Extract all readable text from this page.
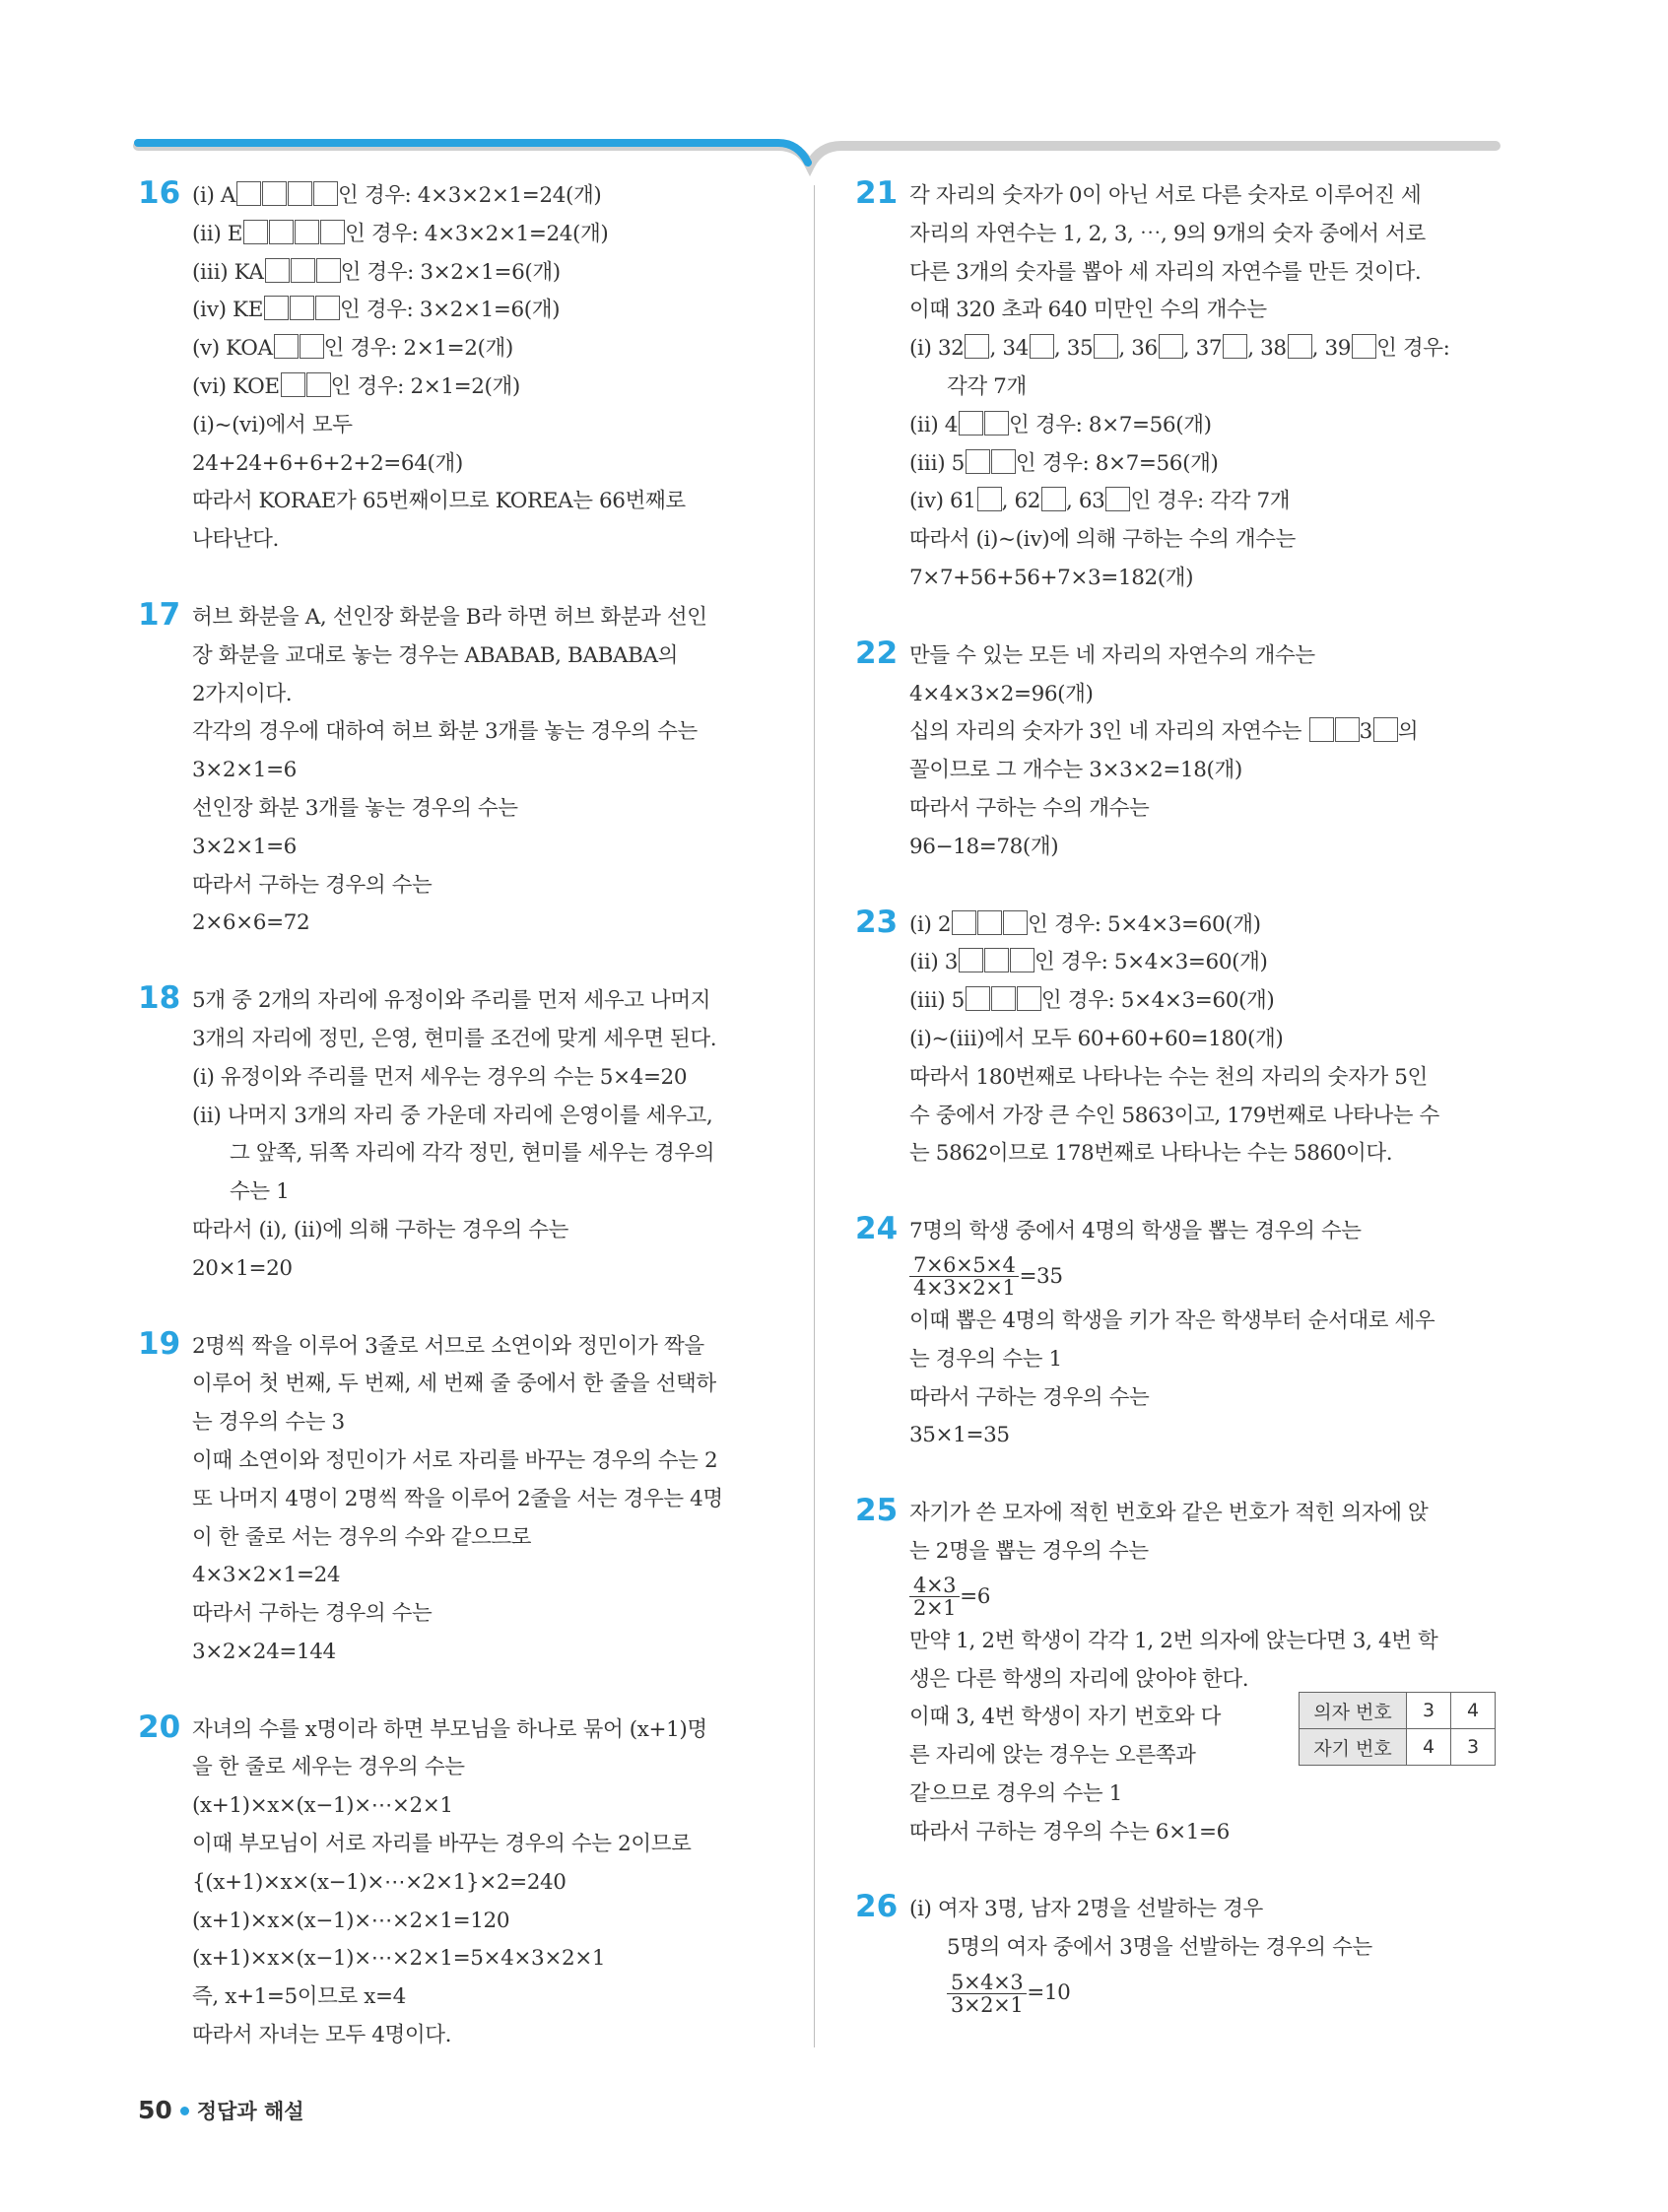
16 (ⅰ) A	인 경우: 4×3×2×1=24(개)
(ⅱ) E	인 경우: 4×3×2×1=24(개)
(ⅲ) KA	인 경우: 3×2×1=6(개)
(ⅳ) KE	인 경우: 3×2×1=6(개)
(ⅴ) KOA 인 경우: 2×1=2(개)
(ⅵ) KOE 인 경우: 2×1=2(개)
(ⅰ)~(ⅵ)에서 모두
24+24+6+6+2+2=64(개)
따라서 KORAE가 65번째이므로 KOREA는 66번째로
나타난다.
17 허브 화분을 A, 선인장 화분을 B라 하면 허브 화분과 선인
장 화분을 교대로 놓는 경우는 ABABAB, BABABA의
2가지이다.
각각의 경우에 대하여 허브 화분 3개를 놓는 경우의 수는
3×2×1=6
선인장 화분 3개를 놓는 경우의 수는
3×2×1=6
따라서 구하는 경우의 수는
2×6×6=72
18 5개 중 2개의 자리에 유정이와 주리를 먼저 세우고 나머지
3개의 자리에 정민, 은영, 현미를 조건에 맞게 세우면 된다.
(ⅰ) 유정이와 주리를 먼저 세우는 경우의 수는 5×4=20
(ⅱ) 나머지 3개의 자리 중 가운데 자리에 은영이를 세우고,
그 앞쪽, 뒤쪽 자리에 각각 정민, 현미를 세우는 경우의
수는 1
따라서 (ⅰ), (ⅱ)에 의해 구하는 경우의 수는
20×1=20
19 2명씩 짝을 이루어 3줄로 서므로 소연이와 정민이가 짝을
이루어 첫 번째, 두 번째, 세 번째 줄 중에서 한 줄을 선택하
는 경우의 수는 3
이때 소연이와 정민이가 서로 자리를 바꾸는 경우의 수는 2
또 나머지 4명이 2명씩 짝을 이루어 2줄을 서는 경우는 4명
이 한 줄로 서는 경우의 수와 같으므로
4×3×2×1=24
따라서 구하는 경우의 수는
3×2×24=144
20 자녀의 수를 x명이라 하면 부모님을 하나로 묶어 (x+1)명
을 한 줄로 세우는 경우의 수는
(x+1)×x×(x−1)×⋯×2×1
이때 부모님이 서로 자리를 바꾸는 경우의 수는 2이므로
{(x+1)×x×(x−1)×⋯×2×1}×2=240
(x+1)×x×(x−1)×⋯×2×1=120
(x+1)×x×(x−1)×⋯×2×1=5×4×3×2×1
즉, x+1=5이므로 x=4
따라서 자녀는 모두 4명이다.
21 각 자리의 숫자가 0이 아닌 서로 다른 숫자로 이루어진 세
자리의 자연수는 1, 2, 3, ⋯, 9의 9개의 숫자 중에서 서로
다른 3개의 숫자를 뽑아 세 자리의 자연수를 만든 것이다.
이때 320 초과 640 미만인 수의 개수는
(ⅰ) 32 , 34 , 35 , 36 , 37 , 38 , 39 인 경우:
각각 7개
(ⅱ) 4 인 경우: 8×7=56(개)
(ⅲ) 5 인 경우: 8×7=56(개)
(ⅳ) 61 , 62 , 63 인 경우: 각각 7개
따라서 (ⅰ)~(ⅳ)에 의해 구하는 수의 개수는
7×7+56+56+7×3=182(개)
22 만들 수 있는 모든 네 자리의 자연수의 개수는
4×4×3×2=96(개)
십의 자리의 숫자가 3인 네 자리의 자연수는 3 의
꼴이므로 그 개수는 3×3×2=18(개)
따라서 구하는 수의 개수는
96−18=78(개)
23 (ⅰ) 2	인 경우: 5×4×3=60(개)
(ⅱ) 3	인 경우: 5×4×3=60(개)
(ⅲ) 5	인 경우: 5×4×3=60(개)
(ⅰ)~(ⅲ)에서 모두 60+60+60=180(개)
따라서 180번째로 나타나는 수는 천의 자리의 숫자가 5인
수 중에서 가장 큰 수인 5863이고, 179번째로 나타나는 수
는 5862이므로 178번째로 나타나는 수는 5860이다.
24 7명의 학생 중에서 4명의 학생을 뽑는 경우의 수는
$\frac{7\times 6\times 5\times 4}{4\times 3\times 2\times 1} =35$
이때 뽑은 4명의 학생을 키가 작은 학생부터 순서대로 세우
는 경우의 수는 1
따라서 구하는 경우의 수는
35×1=35
25
의자 번호	3	4
자기 번호	4	3
자기가 쓴 모자에 적힌 번호와 같은 번호가 적힌 의자에 앉
는 2명을 뽑는 경우의 수는
$\frac{4\times 3}{2\times 1} =6$
만약 1, 2번 학생이 각각 1, 2번 의자에 앉는다면 3, 4번 학
생은 다른 학생의 자리에 앉아야 한다.
이때 3, 4번 학생이 자기 번호와 다
른 자리에 앉는 경우는 오른쪽과
같으므로 경우의 수는 1
따라서 구하는 경우의 수는 6×1=6
26 (ⅰ) 여자 3명, 남자 2명을 선발하는 경우
5명의 여자 중에서 3명을 선발하는 경우의 수는
$\frac{5\times 4\times 3}{3\times 2\times 1} =10$
50 정답과 해설
